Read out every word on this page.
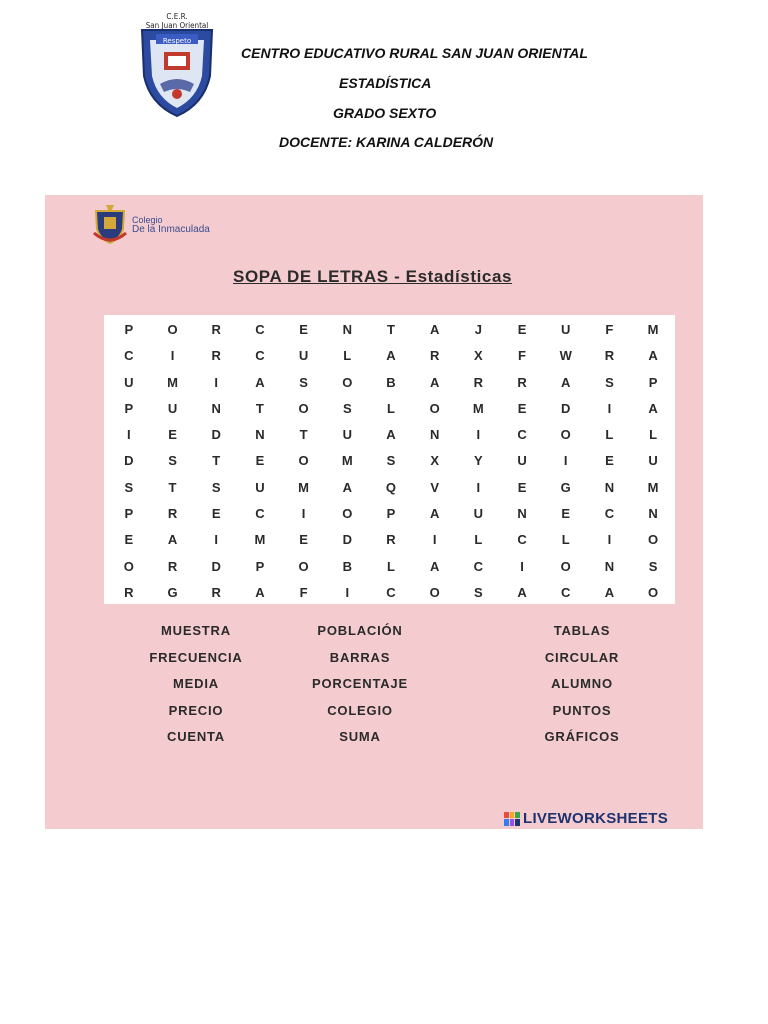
C.E.R.
San Juan Oriental
Respeto
CENTRO EDUCATIVO RURAL SAN JUAN ORIENTAL
ESTADÍSTICA
GRADO SEXTO
DOCENTE: KARINA CALDERÓN
Colegio
De la Inmaculada
SOPA DE LETRAS - Estadísticas
P	O	R	C	E	N	T	A	J	E	U	F	M
C	I	R	C	U	L	A	R	X	F	W	R	A
U	M	I	A	S	O	B	A	R	R	A	S	P
P	U	N	T	O	S	L	O	M	E	D	I	A
I	E	D	N	T	U	A	N	I	C	O	L	L
D	S	T	E	O	M	S	X	Y	U	I	E	U
S	T	S	U	M	A	Q	V	I	E	G	N	M
P	R	E	C	I	O	P	A	U	N	E	C	N
E	A	I	M	E	D	R	I	L	C	L	I	O
O	R	D	P	O	B	L	A	C	I	O	N	S
R	G	R	A	F	I	C	O	S	A	C	A	O
MUESTRA	POBLACIÓN	TABLAS
FRECUENCIA	BARRAS	CIRCULAR
MEDIA	PORCENTAJE	ALUMNO
PRECIO	COLEGIO	PUNTOS
CUENTA	SUMA	GRÁFICOS
LIVEWORKSHEETS
